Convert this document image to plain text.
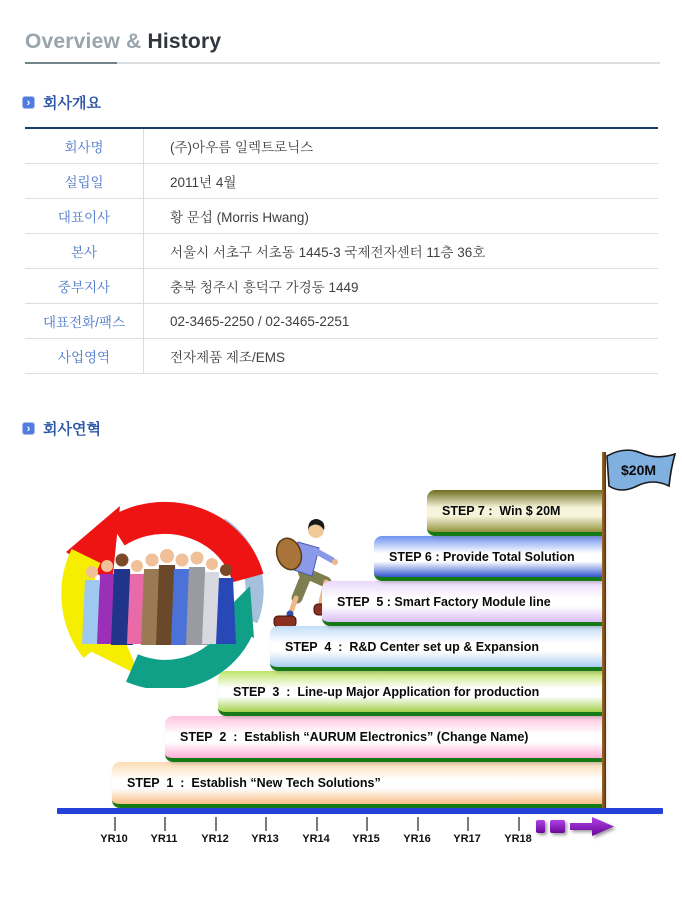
Overview & History
› 회사개요
회사명	(주)아우름 일렉트로닉스
설립일	2011년 4월
대표이사	황 문섭 (Morris Hwang)
본사	서울시 서초구 서초동 1445-3 국제전자센터 11층 36호
중부지사	충북 청주시 흥덕구 가경동 1449
대표전화/팩스	02-3465-2250 / 02-3465-2251
사업영역	전자제품 제조/EMS
› 회사연혁
STEP  1  :  Establish “New Tech Solutions”
STEP  2  :  Establish “AURUM Electronics” (Change Name)
STEP  3  :  Line-up Major Application for production
STEP  4  :  R&D Center set up & Expansion
STEP  5 : Smart Factory Module line
STEP 6 : Provide Total Solution
STEP 7 :  Win $ 20M
$20M
YR10	YR11	YR12	YR13	YR14	YR15	YR16	YR17	YR18
